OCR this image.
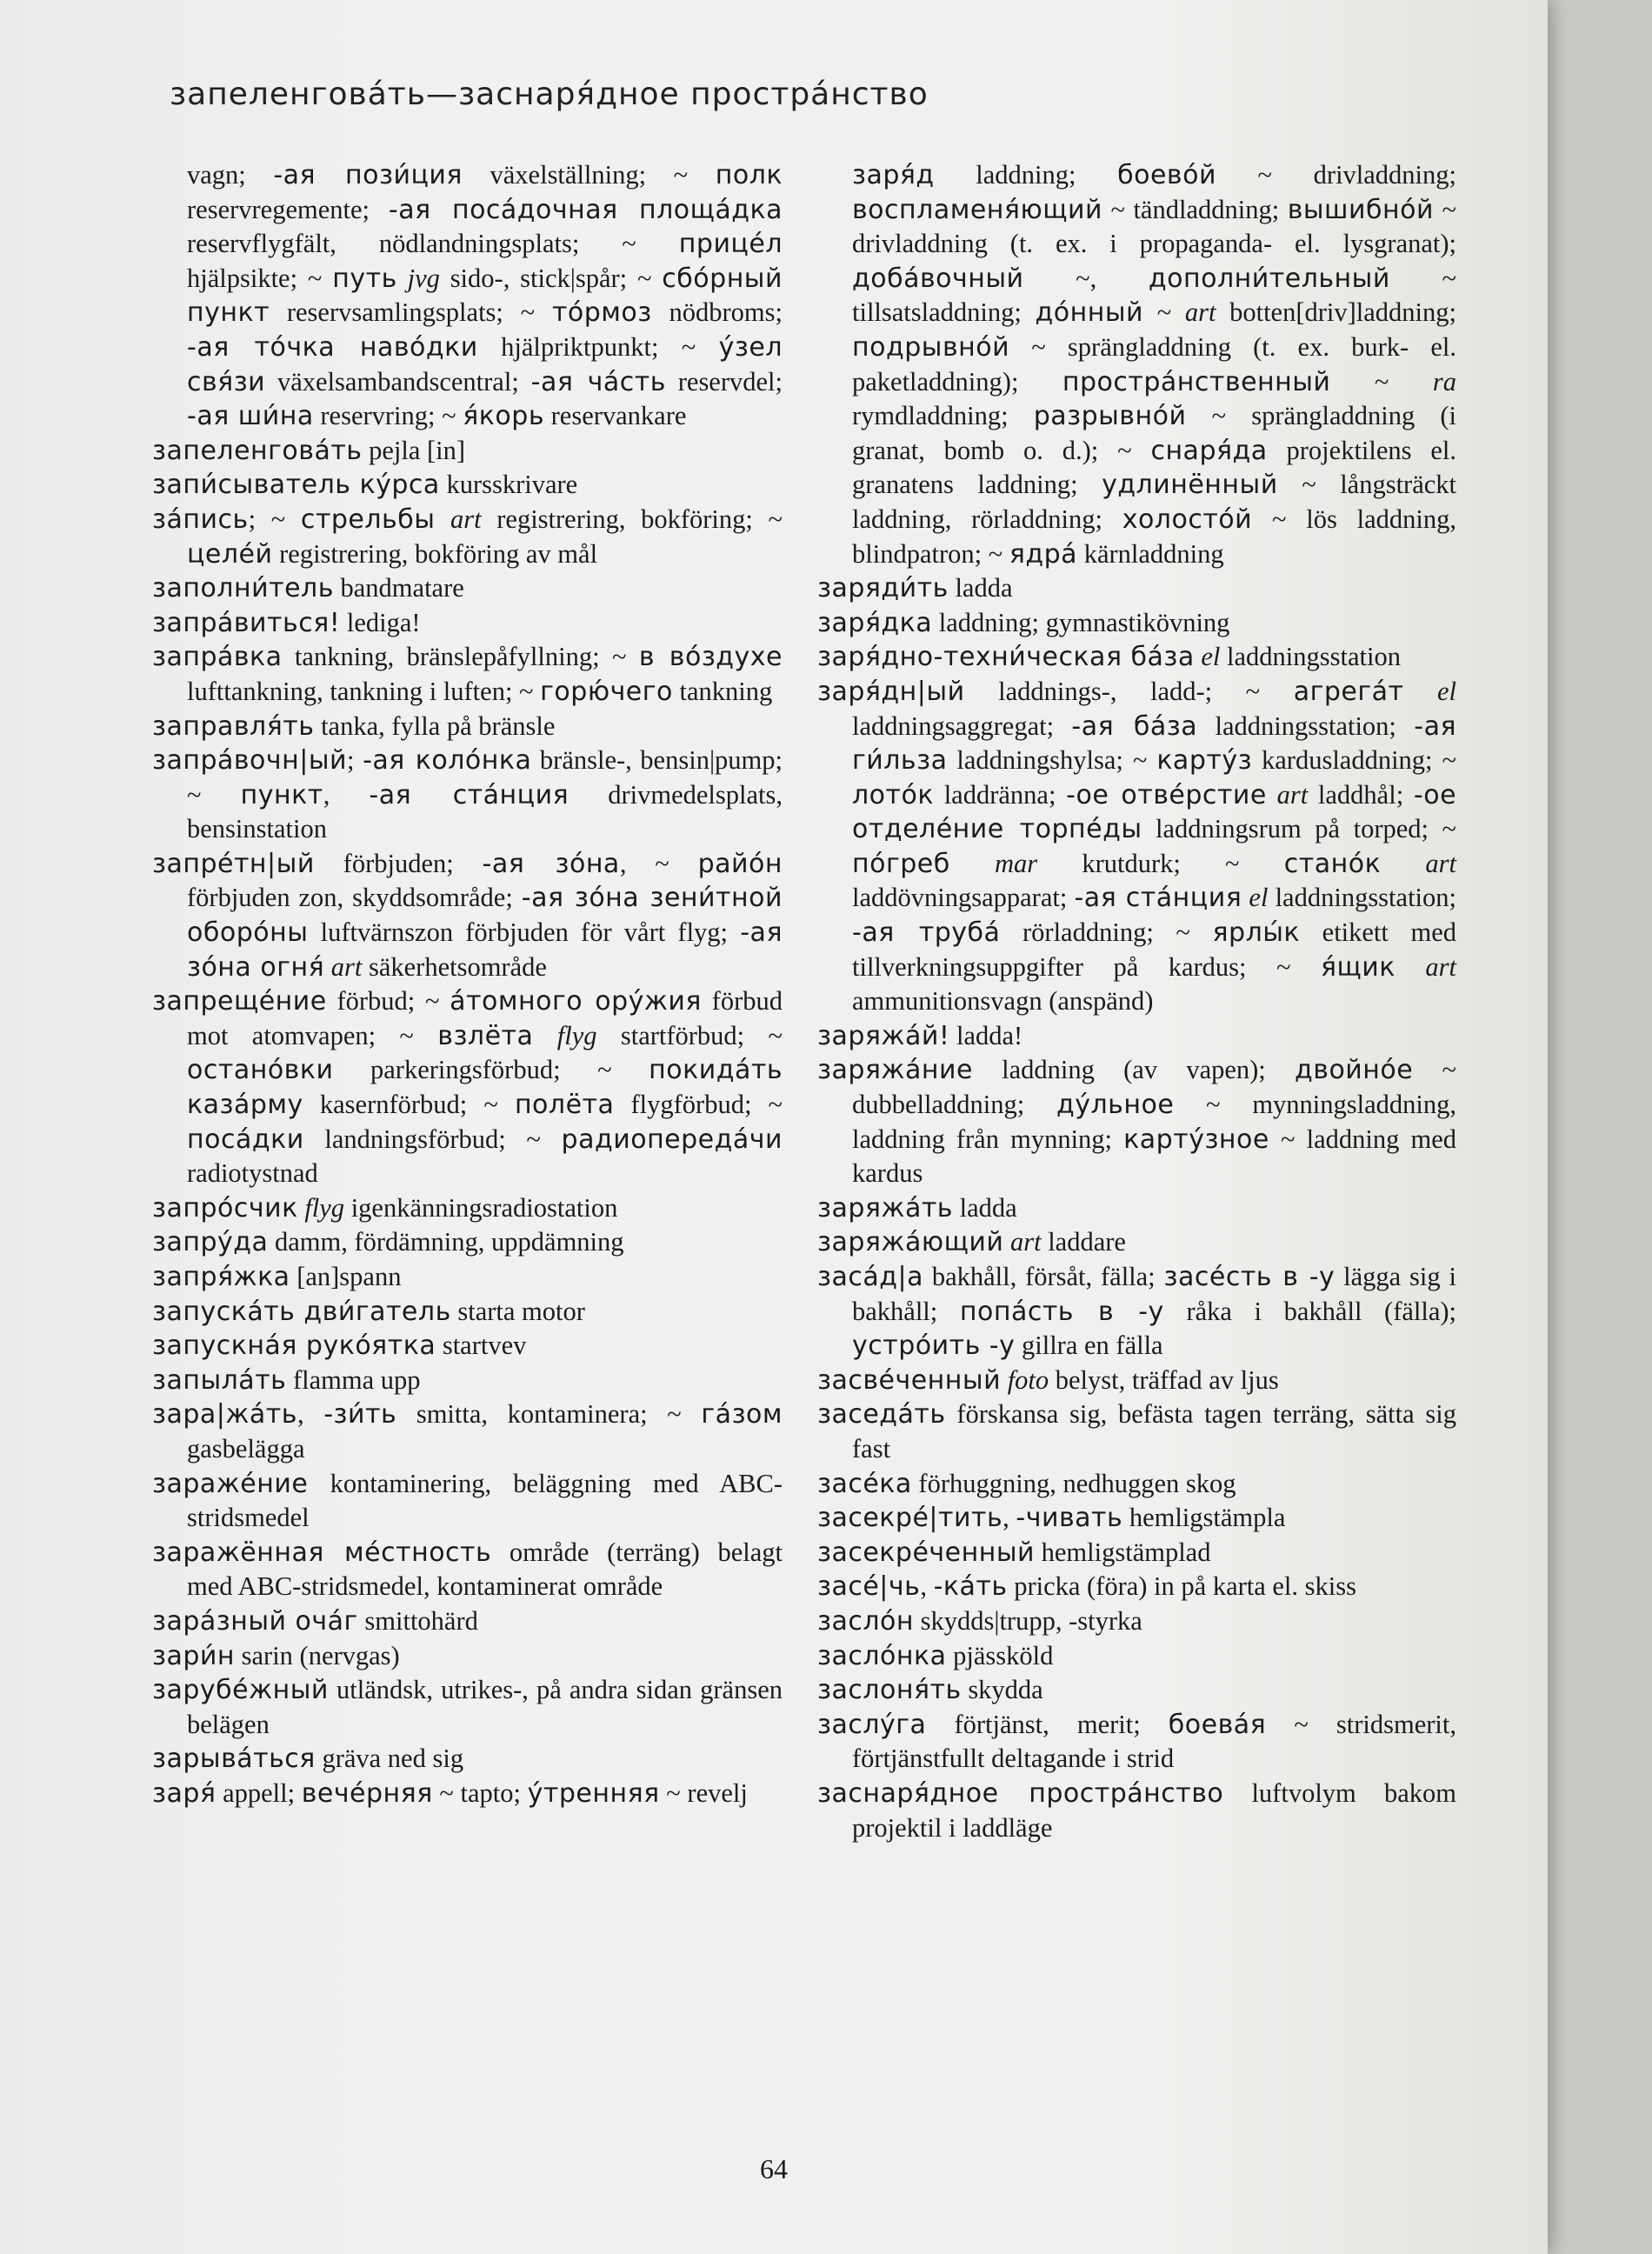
запеленгова́ть—заснаря́дное простра́нство

vagn; -ая пози́ция växelställning; ~ полк reservregemente; -ая поса́дочная площа́дка reservflygfält, nödlandningsplats; ~ прице́л hjälpsikte; ~ путь jvg sido-, stick|spår; ~ сбо́рный пункт reservsamlingsplats; ~ то́рмоз nödbroms; -ая то́чка наво́дки hjälpriktpunkt; ~ у́зел свя́зи växelsambandscentral; -ая ча́сть reservdel; -ая ши́на reservring; ~ я́корь reservankare

запеленгова́ть pejla [in]

запи́сыватель ку́рса kursskrivare

за́пись; ~ стрельбы art registrering, bokföring; ~ целе́й registrering, bokföring av mål

заполни́тель bandmatare

запра́виться! lediga!

запра́вка tankning, bränslepåfyllning; ~ в во́здухе lufttankning, tankning i luften; ~ горю́чего tankning

заправля́ть tanka, fylla på bränsle

запра́вочн|ый; -ая коло́нка bränsle-, bensin|pump; ~ пункт, -ая ста́нция drivmedelsplats, bensinstation

запре́тн|ый förbjuden; -ая зо́на, ~ райо́н förbjuden zon, skyddsområde; -ая зо́на зени́тной оборо́ны luftvärnszon förbjuden för vårt flyg; -ая зо́на огня́ art säkerhetsområde

запреще́ние förbud; ~ а́томного ору́жия förbud mot atomvapen; ~ взлёта flyg startförbud; ~ остано́вки parkeringsförbud; ~ покида́ть каза́рму kasernförbud; ~ полёта flygförbud; ~ поса́дки landningsförbud; ~ радиопереда́чи radiotystnad

запро́счик flyg igenkänningsradiostation

запру́да damm, fördämning, uppdämning

запря́жка [an]spann

запуска́ть дви́гатель starta motor

запускна́я руко́ятка startvev

запыла́ть flamma upp

зара|жа́ть, -зи́ть smitta, kontaminera; ~ га́зом gasbelägga

зараже́ние kontaminering, beläggning med ABC-stridsmedel

заражённая ме́стность område (terräng) belagt med ABC-stridsmedel, kontaminerat område

зара́зный оча́г smittohärd

зари́н sarin (nervgas)

зарубе́жный utländsk, utrikes-, på andra sidan gränsen belägen

зарыва́ться gräva ned sig

заря́ appell; вече́рняя ~ tapto; у́тренняя ~ revelj

заря́д laddning; боево́й ~ drivladdning; воспламеня́ющий ~ tändladdning; вышибно́й ~ drivladdning (t. ex. i propaganda- el. lysgranat); доба́вочный ~, дополни́тельный ~ tillsatsladdning; до́нный ~ art botten[driv]laddning; подрывно́й ~ sprängladdning (t. ex. burk- el. paketladdning); простра́нственный ~ ra rymdladdning; разрывно́й ~ sprängladdning (i granat, bomb o. d.); ~ снаря́да projektilens el. granatens laddning; удлинённый ~ långsträckt laddning, rörladdning; холосто́й ~ lös laddning, blindpatron; ~ ядра́ kärnladdning

заряди́ть ladda

заря́дка laddning; gymnastikövning

заря́дно-техни́ческая ба́за el laddningsstation

заря́дн|ый laddnings-, ladd-; ~ агрега́т el laddningsaggregat; -ая ба́за laddningsstation; -ая ги́льза laddningshylsa; ~ карту́з kardusladdning; ~ лото́к laddränna; -ое отве́рстие art laddhål; -ое отделе́ние торпе́ды laddningsrum på torped; ~ по́греб mar krutdurk; ~ стано́к art laddövningsapparat; -ая ста́нция el laddningsstation; -ая труба́ rörladdning; ~ ярлы́к etikett med tillverkningsuppgifter på kardus; ~ я́щик art ammunitionsvagn (anspänd)

заряжа́й! ladda!

заряжа́ние laddning (av vapen); двойно́е ~ dubbelladdning; ду́льное ~ mynningsladdning, laddning från mynning; карту́зное ~ laddning med kardus

заряжа́ть ladda

заряжа́ющий art laddare

заса́д|а bakhåll, försåt, fälla; засе́сть в -у lägga sig i bakhåll; попа́сть в -у råka i bakhåll (fälla); устро́ить -у gillra en fälla

засве́ченный foto belyst, träffad av ljus

заседа́ть förskansa sig, befästa tagen terräng, sätta sig fast

засе́ка förhuggning, nedhuggen skog

засекре́|тить, -чивать hemligstämpla

засекре́ченный hemligstämplad

засе́|чь, -ка́ть pricka (föra) in på karta el. skiss

засло́н skydds|trupp, -styrka

засло́нка pjässköld

заслоня́ть skydda

заслу́га förtjänst, merit; боева́я ~ stridsmerit, förtjänstfullt deltagande i strid

заснаря́дное простра́нство luftvolym bakom projektil i laddläge

64
